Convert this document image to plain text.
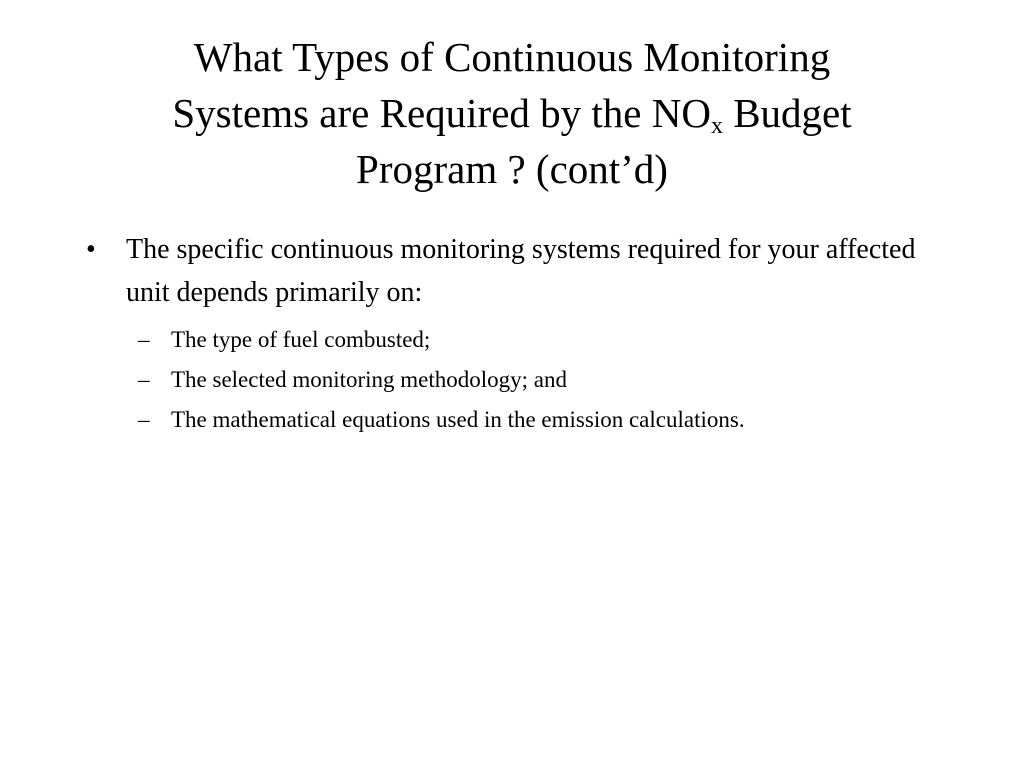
What Types of Continuous Monitoring
Systems are Required by the $NO_x$ Budget
Program ? (cont’d)
•	The specific continuous monitoring systems required for your affected unit depends primarily on:
– The type of fuel combusted;
– The selected monitoring methodology; and
– The mathematical equations used in the emission calculations.
